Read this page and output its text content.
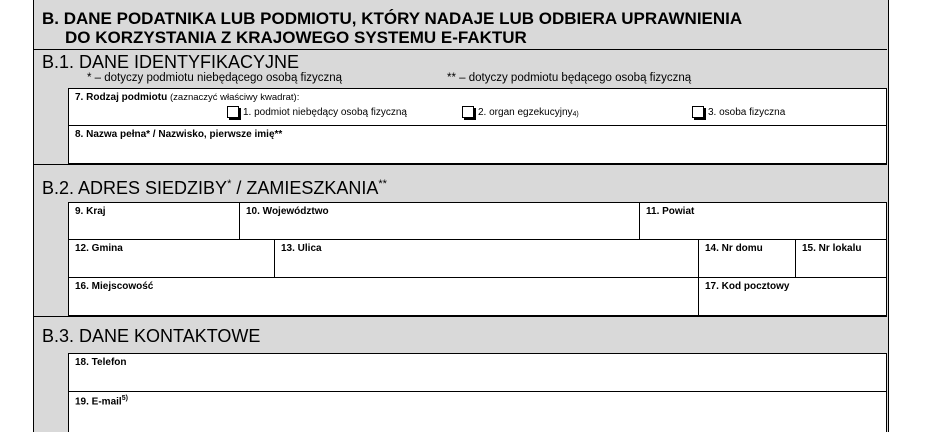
B. DANE PODATNIKA LUB PODMIOTU, KTÓRY NADAJE LUB ODBIERA UPRAWNIENIA
DO KORZYSTANIA Z KRAJOWEGO SYSTEMU E-FAKTUR
B.1. DANE IDENTYFIKACYJNE
* – dotyczy podmiotu niebędącego osobą fizyczną	** – dotyczy podmiotu będącego osobą fizyczną
7. Rodzaj podmiotu (zaznaczyć właściwy kwadrat):
1. podmiot niebędący osobą fizyczną	2. organ egzekucyjny$_{4)}$	3. osoba fizyczna
8. Nazwa pełna* / Nazwisko, pierwsze imię**
B.2. ADRES SIEDZIBY* / ZAMIESZKANIA**
9. Kraj	10. Województwo	11. Powiat
12. Gmina	13. Ulica	14. Nr domu	15. Nr lokalu
16. Miejscowość	17. Kod pocztowy
B.3. DANE KONTAKTOWE
18. Telefon
19. E-mail$^{5)}$
